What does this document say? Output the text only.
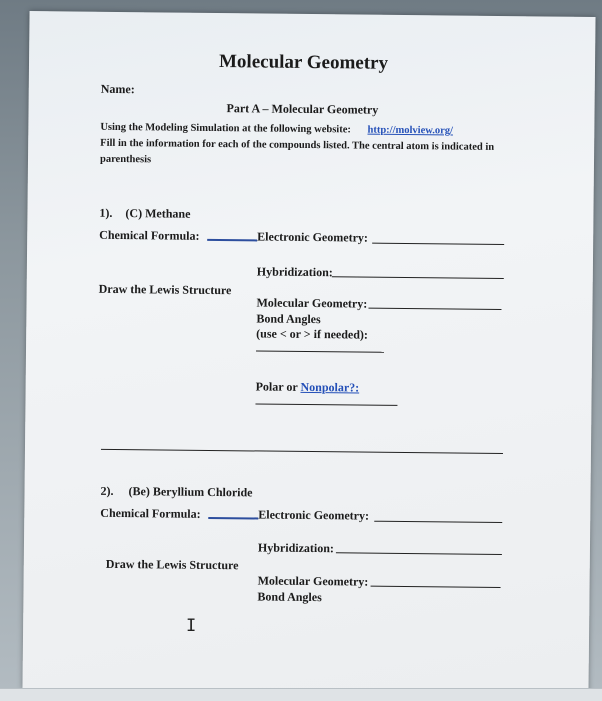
Molecular Geometry
Name:
Part A – Molecular Geometry
Using the Modeling Simulation at the following website: http://molview.org/
Fill in the information for each of the compounds listed. The central atom is indicated in
parenthesis
1). (C) Methane
Chemical Formula:	Electronic Geometry:
Hybridization:
Draw the Lewis Structure
Molecular Geometry:
Bond Angles
(use < or > if needed):
Polar or Nonpolar?:
2). (Be) Beryllium Chloride
Chemical Formula:	Electronic Geometry:
Hybridization:
Draw the Lewis Structure
Molecular Geometry:
Bond Angles
I
